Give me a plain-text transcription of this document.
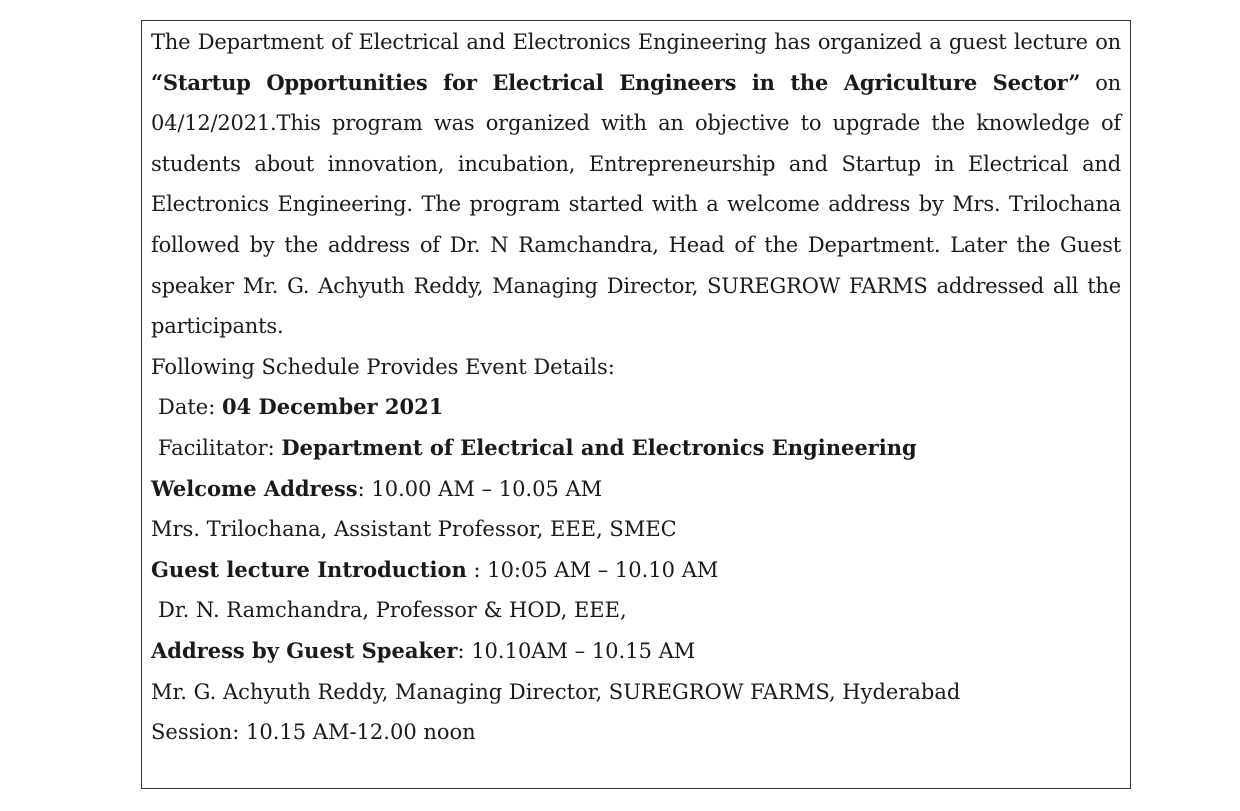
The Department of Electrical and Electronics Engineering has organized a guest lecture on “Startup Opportunities for Electrical Engineers in the Agriculture Sector” on 04/12/2021.This program was organized with an objective to upgrade the knowledge of students about innovation, incubation, Entrepreneurship and Startup in Electrical and Electronics Engineering. The program started with a welcome address by Mrs. Trilochana followed by the address of Dr. N Ramchandra, Head of the Department. Later the Guest speaker Mr. G. Achyuth Reddy, Managing Director, SUREGROW FARMS addressed all the participants.

Following Schedule Provides Event Details:

Date: 04 December 2021

Facilitator: Department of Electrical and Electronics Engineering

Welcome Address: 10.00 AM – 10.05 AM

Mrs. Trilochana, Assistant Professor, EEE, SMEC

Guest lecture Introduction : 10:05 AM – 10.10 AM

Dr. N. Ramchandra, Professor & HOD, EEE,

Address by Guest Speaker: 10.10AM – 10.15 AM

Mr. G. Achyuth Reddy, Managing Director, SUREGROW FARMS, Hyderabad

Session: 10.15 AM-12.00 noon
